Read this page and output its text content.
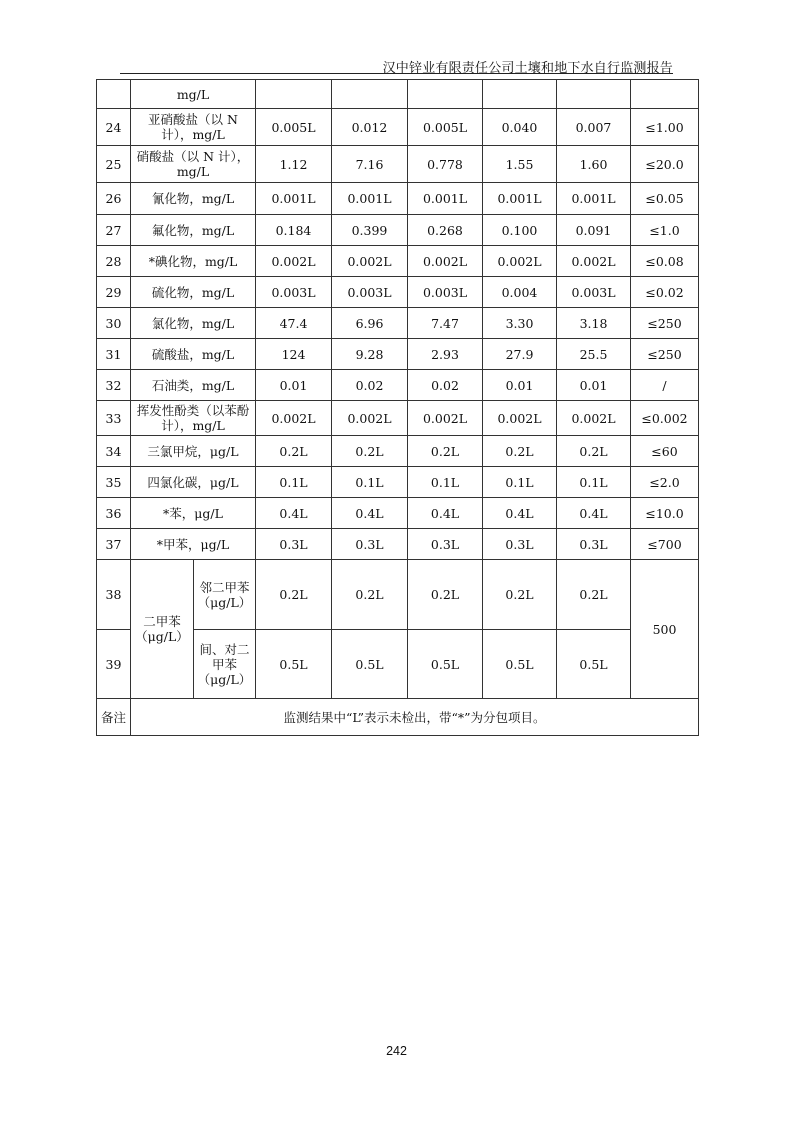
汉中锌业有限责任公司土壤和地下水自行监测报告
	mg/L							
24	亚硝酸盐（以 N 计），mg/L		0.005L	0.012	0.005L	0.040	0.007	≤1.00
25	硝酸盐（以 N 计），mg/L		1.12	7.16	0.778	1.55	1.60	≤20.0
26	氰化物，mg/L		0.001L	0.001L	0.001L	0.001L	0.001L	≤0.05
27	氟化物，mg/L		0.184	0.399	0.268	0.100	0.091	≤1.0
28	*碘化物，mg/L		0.002L	0.002L	0.002L	0.002L	0.002L	≤0.08
29	硫化物，mg/L		0.003L	0.003L	0.003L	0.004	0.003L	≤0.02
30	氯化物，mg/L		47.4	6.96	7.47	3.30	3.18	≤250
31	硫酸盐，mg/L		124	9.28	2.93	27.9	25.5	≤250
32	石油类，mg/L		0.01	0.02	0.02	0.01	0.01	/
33	挥发性酚类（以苯酚计），mg/L		0.002L	0.002L	0.002L	0.002L	0.002L	≤0.002
34	三氯甲烷，μg/L		0.2L	0.2L	0.2L	0.2L	0.2L	≤60
35	四氯化碳，μg/L		0.1L	0.1L	0.1L	0.1L	0.1L	≤2.0
36	*苯，μg/L		0.4L	0.4L	0.4L	0.4L	0.4L	≤10.0
37	*甲苯，μg/L		0.3L	0.3L	0.3L	0.3L	0.3L	≤700
38	二甲苯（μg/L）	邻二甲苯（μg/L）	0.2L	0.2L	0.2L	0.2L	0.2L	500
39		间、对二甲苯（μg/L）	0.5L	0.5L	0.5L	0.5L	0.5L	
备注	监测结果中“L”表示未检出，带“*”为分包项目。							
242
